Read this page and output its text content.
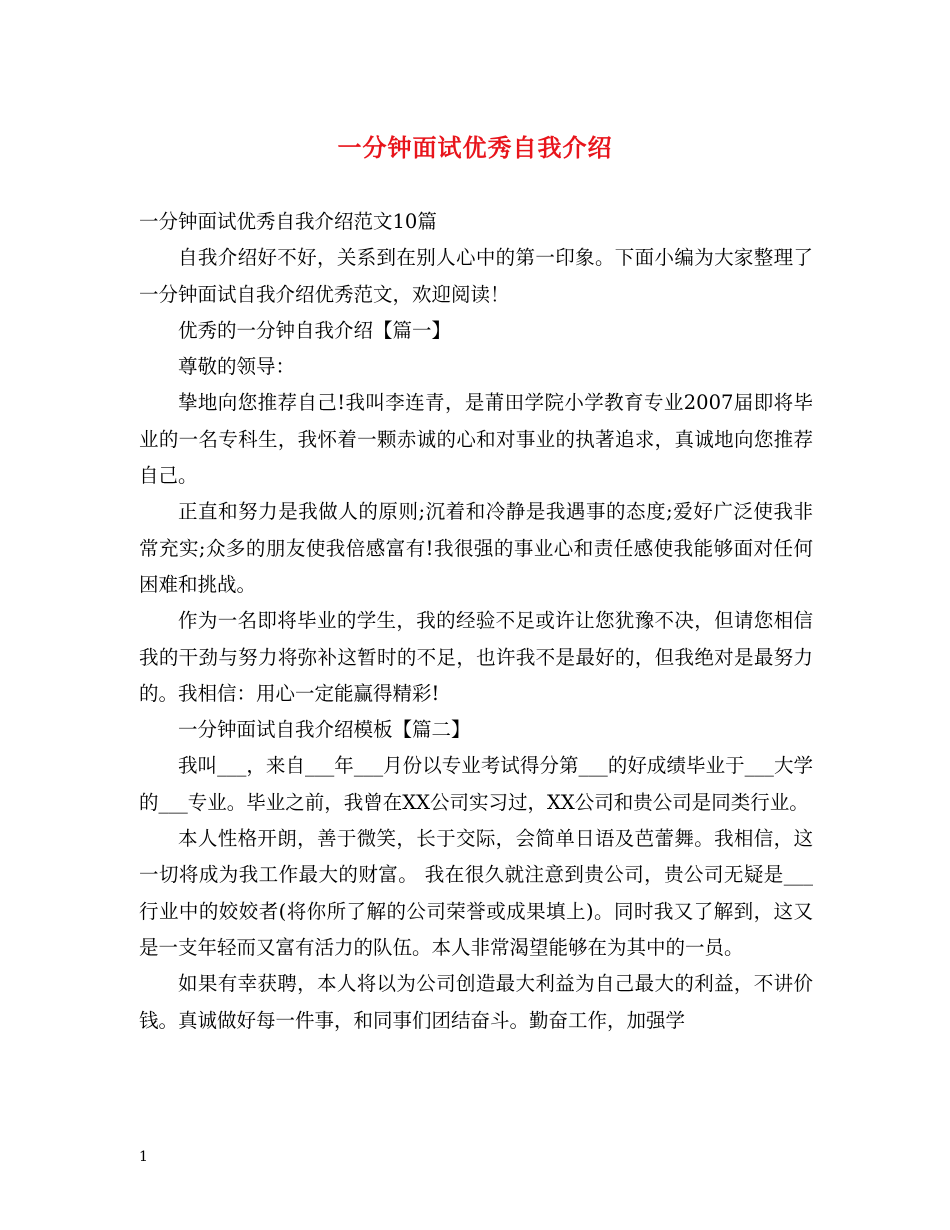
一分钟面试优秀自我介绍

一分钟面试优秀自我介绍范文10篇

自我介绍好不好，关系到在别人心中的第一印象。下面小编为大家整理了一分钟面试自我介绍优秀范文，欢迎阅读！

优秀的一分钟自我介绍【篇一】

尊敬的领导：

挚地向您推荐自己!我叫李连青，是莆田学院小学教育专业2007届即将毕业的一名专科生，我怀着一颗赤诚的心和对事业的执著追求，真诚地向您推荐自己。

正直和努力是我做人的原则;沉着和冷静是我遇事的态度;爱好广泛使我非常充实;众多的朋友使我倍感富有!我很强的事业心和责任感使我能够面对任何困难和挑战。

作为一名即将毕业的学生，我的经验不足或许让您犹豫不决，但请您相信我的干劲与努力将弥补这暂时的不足，也许我不是最好的，但我绝对是最努力的。我相信：用心一定能赢得精彩!

一分钟面试自我介绍模板【篇二】

我叫___，来自___年___月份以专业考试得分第___的好成绩毕业于___大学的___专业。毕业之前，我曾在XX公司实习过，XX公司和贵公司是同类行业。

本人性格开朗，善于微笑，长于交际，会简单日语及芭蕾舞。我相信，这一切将成为我工作最大的财富。 我在很久就注意到贵公司，贵公司无疑是___行业中的姣姣者(将你所了解的公司荣誉或成果填上)。同时我又了解到，这又是一支年轻而又富有活力的队伍。本人非常渴望能够在为其中的一员。

如果有幸获聘，本人将以为公司创造最大利益为自己最大的利益，不讲价钱。真诚做好每一件事，和同事们团结奋斗。勤奋工作，加强学

1
